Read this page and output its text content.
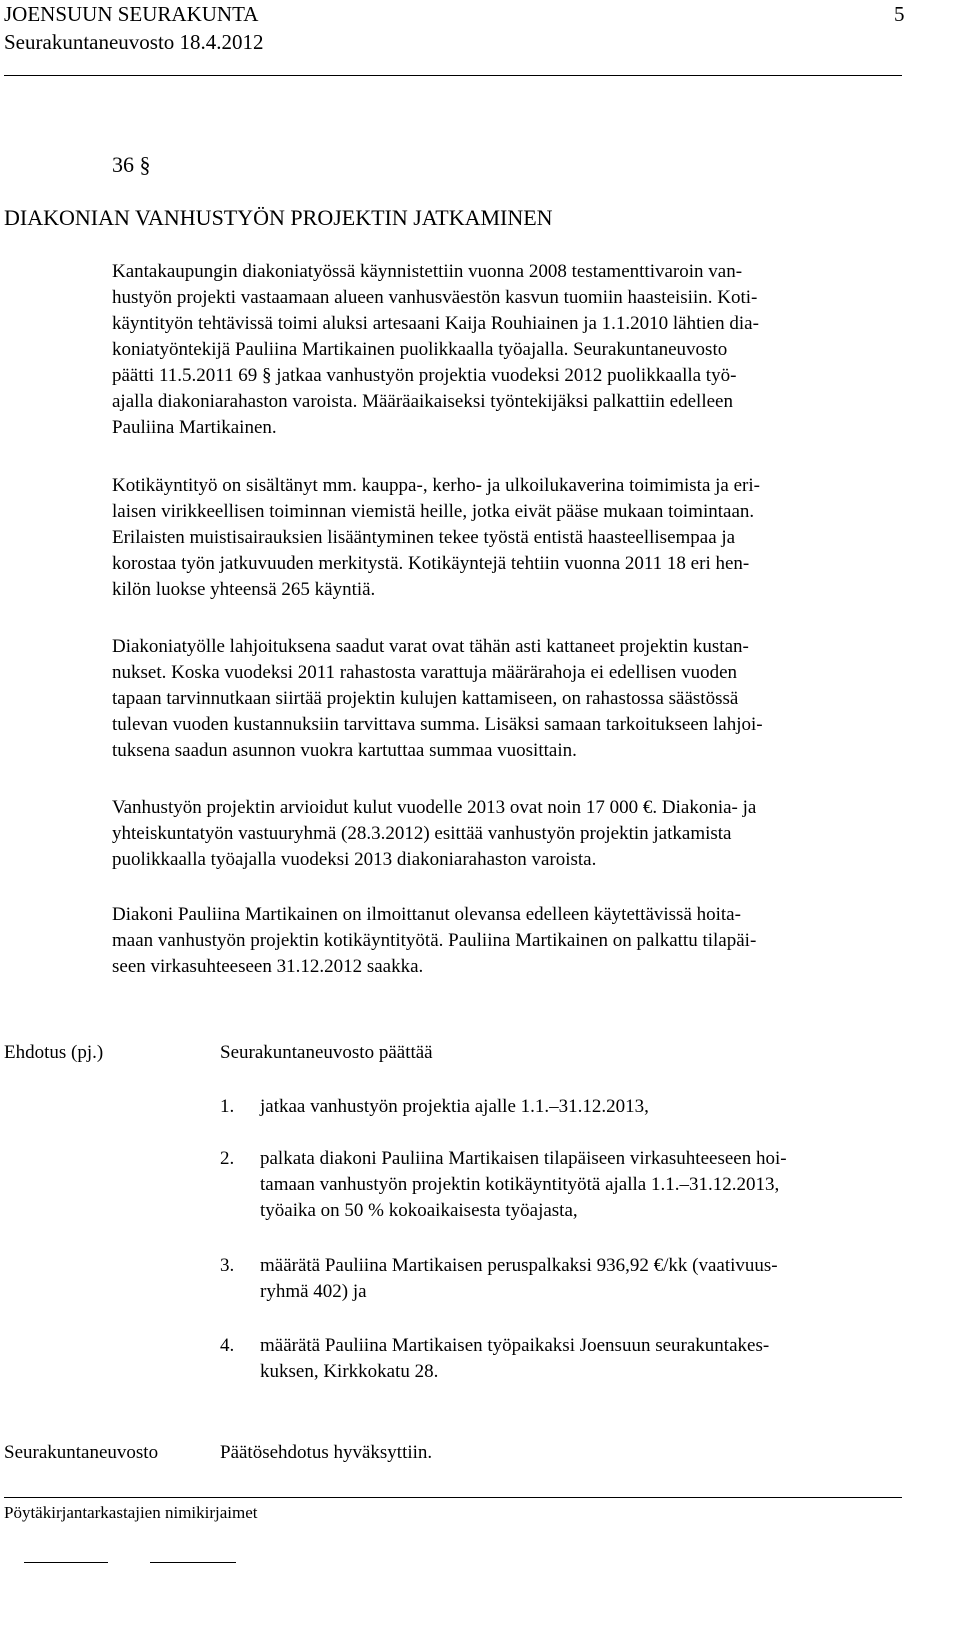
JOENSUUN SEURAKUNTA	5
Seurakuntaneuvosto 18.4.2012
36 §
DIAKONIAN VANHUSTYÖN PROJEKTIN JATKAMINEN
Kantakaupungin diakoniatyössä käynnistettiin vuonna 2008 testamenttivaroin van-
hustyön projekti vastaamaan alueen vanhusväestön kasvun tuomiin haasteisiin. Koti-
käyntityön tehtävissä toimi aluksi artesaani Kaija Rouhiainen ja 1.1.2010 lähtien dia-
koniatyöntekijä Pauliina Martikainen puolikkaalla työajalla. Seurakuntaneuvosto
päätti 11.5.2011 69 § jatkaa vanhustyön projektia vuodeksi 2012 puolikkaalla työ-
ajalla diakoniarahaston varoista. Määräaikaiseksi työntekijäksi palkattiin edelleen
Pauliina Martikainen.
Kotikäyntityö on sisältänyt mm. kauppa-, kerho- ja ulkoilukaverina toimimista ja eri-
laisen virikkeellisen toiminnan viemistä heille, jotka eivät pääse mukaan toimintaan.
Erilaisten muistisairauksien lisääntyminen tekee työstä entistä haasteellisempaa ja
korostaa työn jatkuvuuden merkitystä. Kotikäyntejä tehtiin vuonna 2011 18 eri hen-
kilön luokse yhteensä 265 käyntiä.
Diakoniatyölle lahjoituksena saadut varat ovat tähän asti kattaneet projektin kustan-
nukset. Koska vuodeksi 2011 rahastosta varattuja määrärahoja ei edellisen vuoden
tapaan tarvinnutkaan siirtää projektin kulujen kattamiseen, on rahastossa säästössä
tulevan vuoden kustannuksiin tarvittava summa. Lisäksi samaan tarkoitukseen lahjoi-
tuksena saadun asunnon vuokra kartuttaa summaa vuosittain.
Vanhustyön projektin arvioidut kulut vuodelle 2013 ovat noin 17 000 €. Diakonia- ja
yhteiskuntatyön vastuuryhmä (28.3.2012) esittää vanhustyön projektin jatkamista
puolikkaalla työajalla vuodeksi 2013 diakoniarahaston varoista.
Diakoni Pauliina Martikainen on ilmoittanut olevansa edelleen käytettävissä hoita-
maan vanhustyön projektin kotikäyntityötä. Pauliina Martikainen on palkattu tilapäi-
seen virkasuhteeseen 31.12.2012 saakka.
Ehdotus (pj.)	Seurakuntaneuvosto päättää
1. jatkaa vanhustyön projektia ajalle 1.1.–31.12.2013,
2. palkata diakoni Pauliina Martikaisen tilapäiseen virkasuhteeseen hoi-
tamaan vanhustyön projektin kotikäyntityötä ajalla 1.1.–31.12.2013,
työaika on 50 % kokoaikaisesta työajasta,
3. määrätä Pauliina Martikaisen peruspalkaksi 936,92 €/kk (vaativuus-
ryhmä 402) ja
4. määrätä Pauliina Martikaisen työpaikaksi Joensuun seurakuntakes-
kuksen, Kirkkokatu 28.
Seurakuntaneuvosto	Päätösehdotus hyväksyttiin.
Pöytäkirjantarkastajien nimikirjaimet
